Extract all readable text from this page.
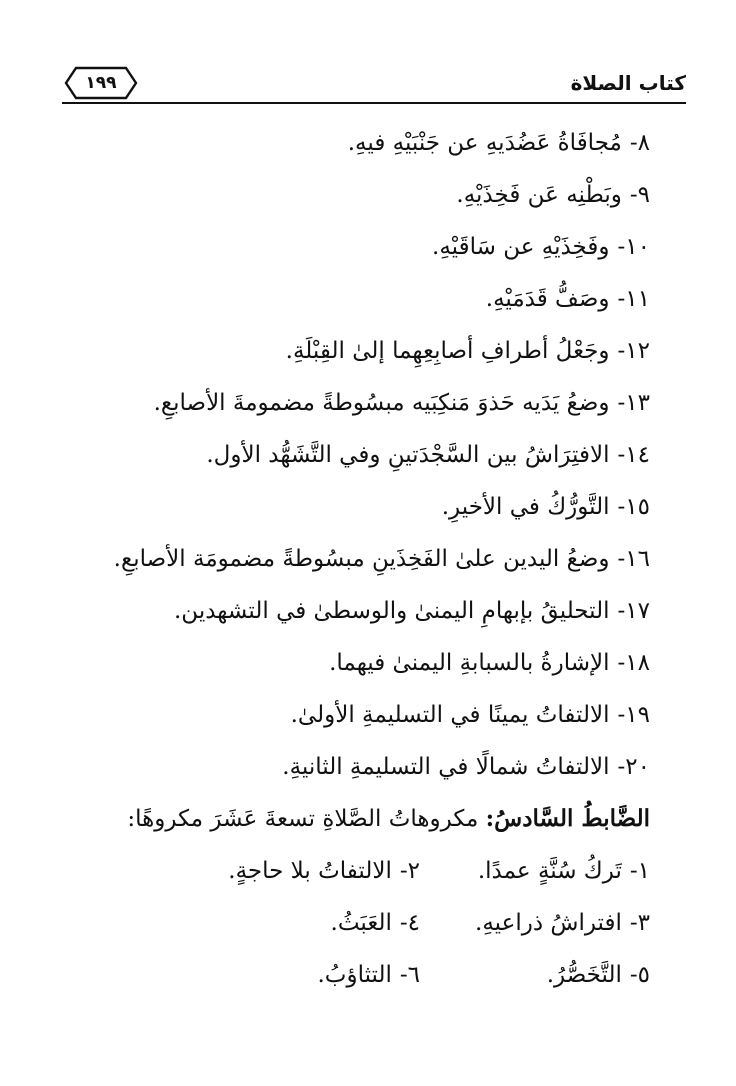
كتاب الصلاة
١٩٩
٨-مُجافَاةُ عَضُدَيهِ عن جَنْبَيْهِ فيهِ.
٩-وبَطْنِه عَن فَخِذَيْهِ.
١٠-وفَخِذَيْهِ عن سَاقَيْهِ.
١١-وصَفُّ قَدَمَيْهِ.
١٢-وجَعْلُ أطرافِ أصابِعِهِما إلىٰ القِبْلَةِ.
١٣-وضعُ يَدَيه حَذوَ مَنكِبَيه مبسُوطةً مضمومةَ الأصابعِ.
١٤-الافتِرَاشُ بين السَّجْدَتينِ وفي التَّشَهُّد الأول.
١٥-التَّورُّكُ في الأخيرِ.
١٦-وضعُ اليدين علىٰ الفَخِذَينِ مبسُوطةً مضمومَة الأصابعِ.
١٧-التحليقُ بإبهامِ اليمنىٰ والوسطىٰ في التشهدين.
١٨-الإشارةُ بالسبابةِ اليمنىٰ فيهما.
١٩-الالتفاتُ يمينًا في التسليمةِ الأولىٰ.
٢٠-الالتفاتُ شمالًا في التسليمةِ الثانيةِ.
الضَّابطُ السَّادسُ: مكروهاتُ الصَّلاةِ تسعةَ عَشَرَ مكروهًا:
١-تَركُ سُنَّةٍ عمدًا.
٢-الالتفاتُ بلا حاجةٍ.
٣-افتراشُ ذراعيهِ.
٤-العَبَثُ.
٥-التَّخَصُّرُ.
٦-التثاؤبُ.
